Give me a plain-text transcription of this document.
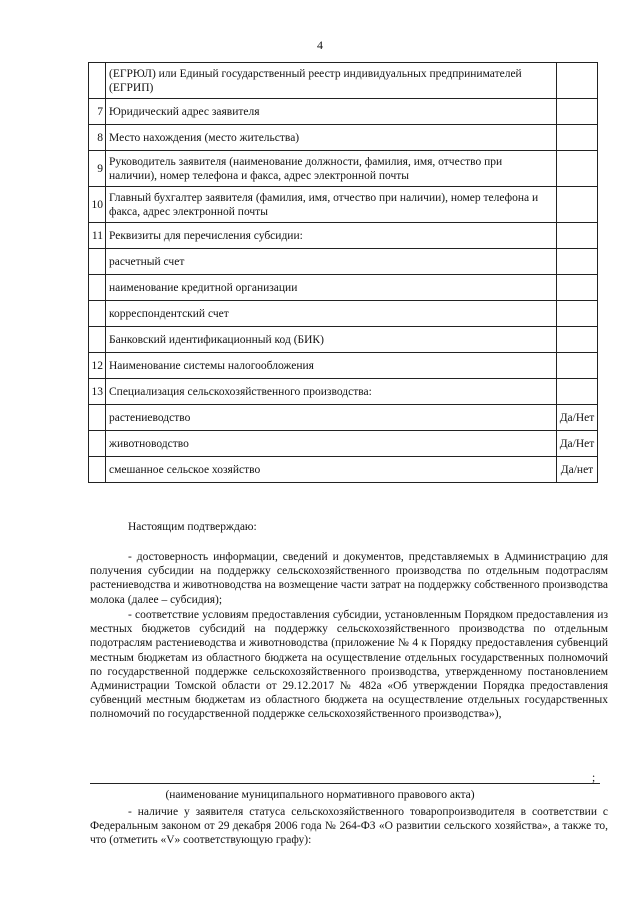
4
	(ЕГРЮЛ) или Единый государственный реестр индивидуальных предпринимателей (ЕГРИП)	
7	Юридический адрес заявителя	
8	Место нахождения (место жительства)	
9	Руководитель заявителя (наименование должности, фамилия, имя, отчество при наличии), номер телефона и факса, адрес электронной почты	
10	Главный бухгалтер заявителя (фамилия, имя, отчество при наличии), номер телефона и факса, адрес электронной почты	
11	Реквизиты для перечисления субсидии:	
	расчетный счет	
	наименование кредитной организации	
	корреспондентский счет	
	Банковский идентификационный код (БИК)	
12	Наименование системы налогообложения	
13	Специализация сельскохозяйственного производства:	
	растениеводство	Да/Нет
	животноводство	Да/Нет
	смешанное сельское хозяйство	Да/нет
Настоящим подтверждаю:
- достоверность информации, сведений и документов, представляемых в Администрацию для получения субсидии на поддержку сельскохозяйственного производства по отдельным подотраслям растениеводства и животноводства на возмещение части затрат на поддержку собственного производства молока (далее – субсидия);
- соответствие условиям предоставления субсидии, установленным Порядком предоставления из местных бюджетов субсидий на поддержку сельскохозяйственного производства по отдельным подотраслям растениеводства и животноводства (приложение № 4 к Порядку предоставления субвенций местным бюджетам из областного бюджета на осуществление отдельных государственных полномочий по государственной поддержке сельскохозяйственного производства, утвержденному постановлением Администрации Томской области от 29.12.2017 № 482а «Об утверждении Порядка предоставления субвенций местным бюджетам из областного бюджета на осуществление отдельных государственных полномочий по государственной поддержке сельскохозяйственного производства»),
;
(наименование муниципального нормативного правового акта)
- наличие у заявителя статуса сельскохозяйственного товаропроизводителя в соответствии с Федеральным законом от 29 декабря 2006 года № 264-ФЗ «О развитии сельского хозяйства», а также то, что (отметить «V» соответствующую графу):
